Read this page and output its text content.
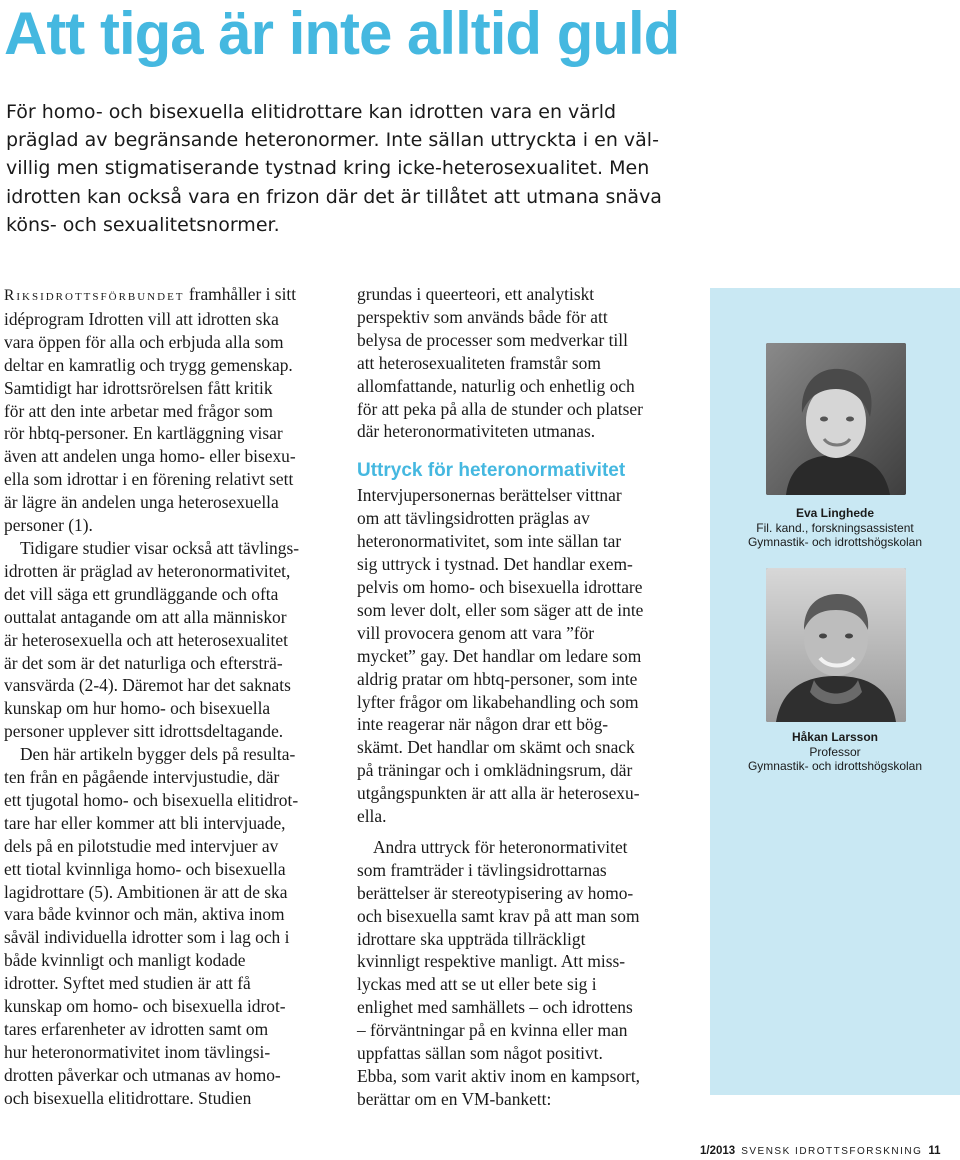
Att tiga är inte alltid guld
För homo- och bisexuella elitidrottare kan idrotten vara en värld
präglad av begränsande heteronormer. Inte sällan uttryckta i en väl-
villig men stigmatiserande tystnad kring icke-heterosexualitet. Men
idrotten kan också vara en frizon där det är tillåtet att utmana snäva
köns- och sexualitetsnormer.
Riksidrottsförbundet framhåller i sitt
idéprogram Idrotten vill att idrotten ska
vara öppen för alla och erbjuda alla som
deltar en kamratlig och trygg gemenskap.
Samtidigt har idrottsrörelsen fått kritik
för att den inte arbetar med frågor som
rör hbtq-personer. En kartläggning visar
även att andelen unga homo- eller bisexu-
ella som idrottar i en förening relativt sett
är lägre än andelen unga heterosexuella
personer (1).
Tidigare studier visar också att tävlings-
idrotten är präglad av heteronormativitet,
det vill säga ett grundläggande och ofta
outtalat antagande om att alla människor
är heterosexuella och att heterosexualitet
är det som är det naturliga och eftersträ-
vansvärda (2-4). Däremot har det saknats
kunskap om hur homo- och bisexuella
personer upplever sitt idrottsdeltagande.
Den här artikeln bygger dels på resulta-
ten från en pågående intervjustudie, där
ett tjugotal homo- och bisexuella elitidrot-
tare har eller kommer att bli intervjuade,
dels på en pilotstudie med intervjuer av
ett tiotal kvinnliga homo- och bisexuella
lagidrottare (5). Ambitionen är att de ska
vara både kvinnor och män, aktiva inom
såväl individuella idrotter som i lag och i
både kvinnligt och manligt kodade
idrotter. Syftet med studien är att få
kunskap om homo- och bisexuella idrot-
tares erfarenheter av idrotten samt om
hur heteronormativitet inom tävlingsi-
drotten påverkar och utmanas av homo-
och bisexuella elitidrottare. Studien
grundas i queerteori, ett analytiskt
perspektiv som används både för att
belysa de processer som medverkar till
att heterosexualiteten framstår som
allomfattande, naturlig och enhetlig och
för att peka på alla de stunder och platser
där heteronormativiteten utmanas.
Uttryck för heteronormativitet
Intervjupersonernas berättelser vittnar
om att tävlingsidrotten präglas av
heteronormativitet, som inte sällan tar
sig uttryck i tystnad. Det handlar exem-
pelvis om homo- och bisexuella idrottare
som lever dolt, eller som säger att de inte
vill provocera genom att vara ”för
mycket” gay. Det handlar om ledare som
aldrig pratar om hbtq-personer, som inte
lyfter frågor om likabehandling och som
inte reagerar när någon drar ett bög-
skämt. Det handlar om skämt och snack
på träningar och i omklädningsrum, där
utgångspunkten är att alla är heterosexu-
ella.
Andra uttryck för heteronormativitet
som framträder i tävlingsidrottarnas
berättelser är stereotypisering av homo-
och bisexuella samt krav på att man som
idrottare ska uppträda tillräckligt
kvinnligt respektive manligt. Att miss-
lyckas med att se ut eller bete sig i
enlighet med samhällets – och idrottens
– förväntningar på en kvinna eller man
uppfattas sällan som något positivt.
Ebba, som varit aktiv inom en kampsort,
berättar om en VM-bankett:
Eva Linghede
Fil. kand., forskningsassistent
Gymnastik- och idrottshögskolan
Håkan Larsson
Professor
Gymnastik- och idrottshögskolan
1/2013 SVENSK IDROTTSFORSKNING 11
